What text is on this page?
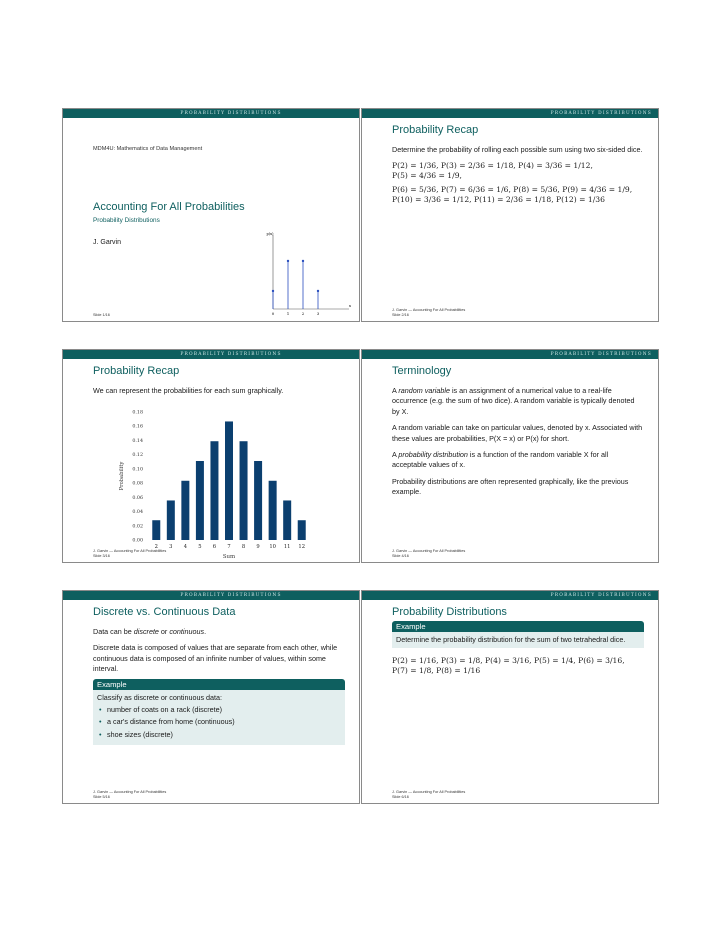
PROBABILITY DISTRIBUTIONS
MDM4U: Mathematics of Data Management
Accounting For All Probabilities
Probability Distributions
J. Garvin
p(x)
x
0	1	2	3
Slide 1/16
PROBABILITY DISTRIBUTIONS
Probability Recap

Determine the probability of rolling each possible sum using two six-sided dice.

P(2) = 1/36, P(3) = 2/36 = 1/18, P(4) = 3/36 = 1/12,
P(5) = 4/36 = 1/9,
P(6) = 5/36, P(7) = 6/36 = 1/6, P(8) = 5/36, P(9) = 4/36 = 1/9,
P(10) = 3/36 = 1/12, P(11) = 2/36 = 1/18, P(12) = 1/36
J. Garvin — Accounting For All Probabilities
Slide 2/16
PROBABILITY DISTRIBUTIONS
Probability Recap

We can represent the probabilities for each sum graphically.

0.00
0.02
0.04
0.06
0.08
0.10
0.12
0.14
0.16
0.18
Probability
2 3 4 5 6 7 8 9 10 11 12
Sum
J. Garvin — Accounting For All Probabilities
Slide 3/16
PROBABILITY DISTRIBUTIONS
Terminology

A random variable is an assignment of a numerical value to a real-life occurrence (e.g. the sum of two dice). A random variable is typically denoted by X.

A random variable can take on particular values, denoted by x. Associated with these values are probabilities, P(X = x) or P(x) for short.

A probability distribution is a function of the random variable X for all acceptable values of x.

Probability distributions are often represented graphically, like the previous example.

J. Garvin — Accounting For All Probabilities
Slide 4/16
PROBABILITY DISTRIBUTIONS
Discrete vs. Continuous Data

Data can be discrete or continuous.

Discrete data is composed of values that are separate from each other, while continuous data is composed of an infinite number of values, within some interval.

Example
Classify as discrete or continuous data:
• number of coats on a rack (discrete)
• a car's distance from home (continuous)
• shoe sizes (discrete)
J. Garvin — Accounting For All Probabilities
Slide 5/16
PROBABILITY DISTRIBUTIONS
Probability Distributions
Example
Determine the probability distribution for the sum of two tetrahedral dice.
P(2) = 1/16, P(3) = 1/8, P(4) = 3/16, P(5) = 1/4, P(6) = 3/16,
P(7) = 1/8, P(8) = 1/16
J. Garvin — Accounting For All Probabilities
Slide 6/16
